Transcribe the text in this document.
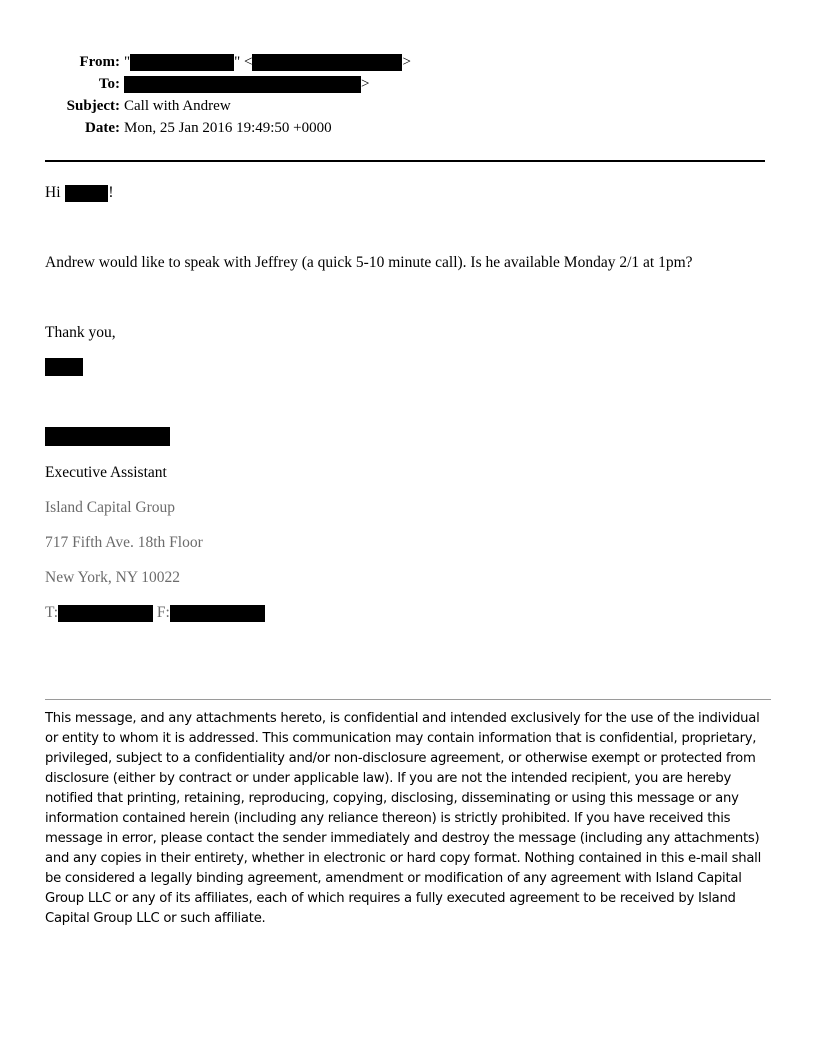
From: "	" <	>
To:	>
Subject: Call with Andrew
Date: Mon, 25 Jan 2016 19:49:50 +0000
Hi	!
Andrew would like to speak with Jeffrey (a quick 5-10 minute call). Is he available Monday 2/1 at 1pm?
Thank you,
Executive Assistant
Island Capital Group
717 Fifth Ave. 18th Floor
New York, NY 10022
T:	F:
This message, and any attachments hereto, is confidential and intended exclusively for the use of the individual or entity to whom it is addressed. This communication may contain information that is confidential, proprietary, privileged, subject to a confidentiality and/or non-disclosure agreement, or otherwise exempt or protected from disclosure (either by contract or under applicable law). If you are not the intended recipient, you are hereby notified that printing, retaining, reproducing, copying, disclosing, disseminating or using this message or any information contained herein (including any reliance thereon) is strictly prohibited. If you have received this message in error, please contact the sender immediately and destroy the message (including any attachments) and any copies in their entirety, whether in electronic or hard copy format. Nothing contained in this e-mail shall be considered a legally binding agreement, amendment or modification of any agreement with Island Capital Group LLC or any of its affiliates, each of which requires a fully executed agreement to be received by Island Capital Group LLC or such affiliate.
